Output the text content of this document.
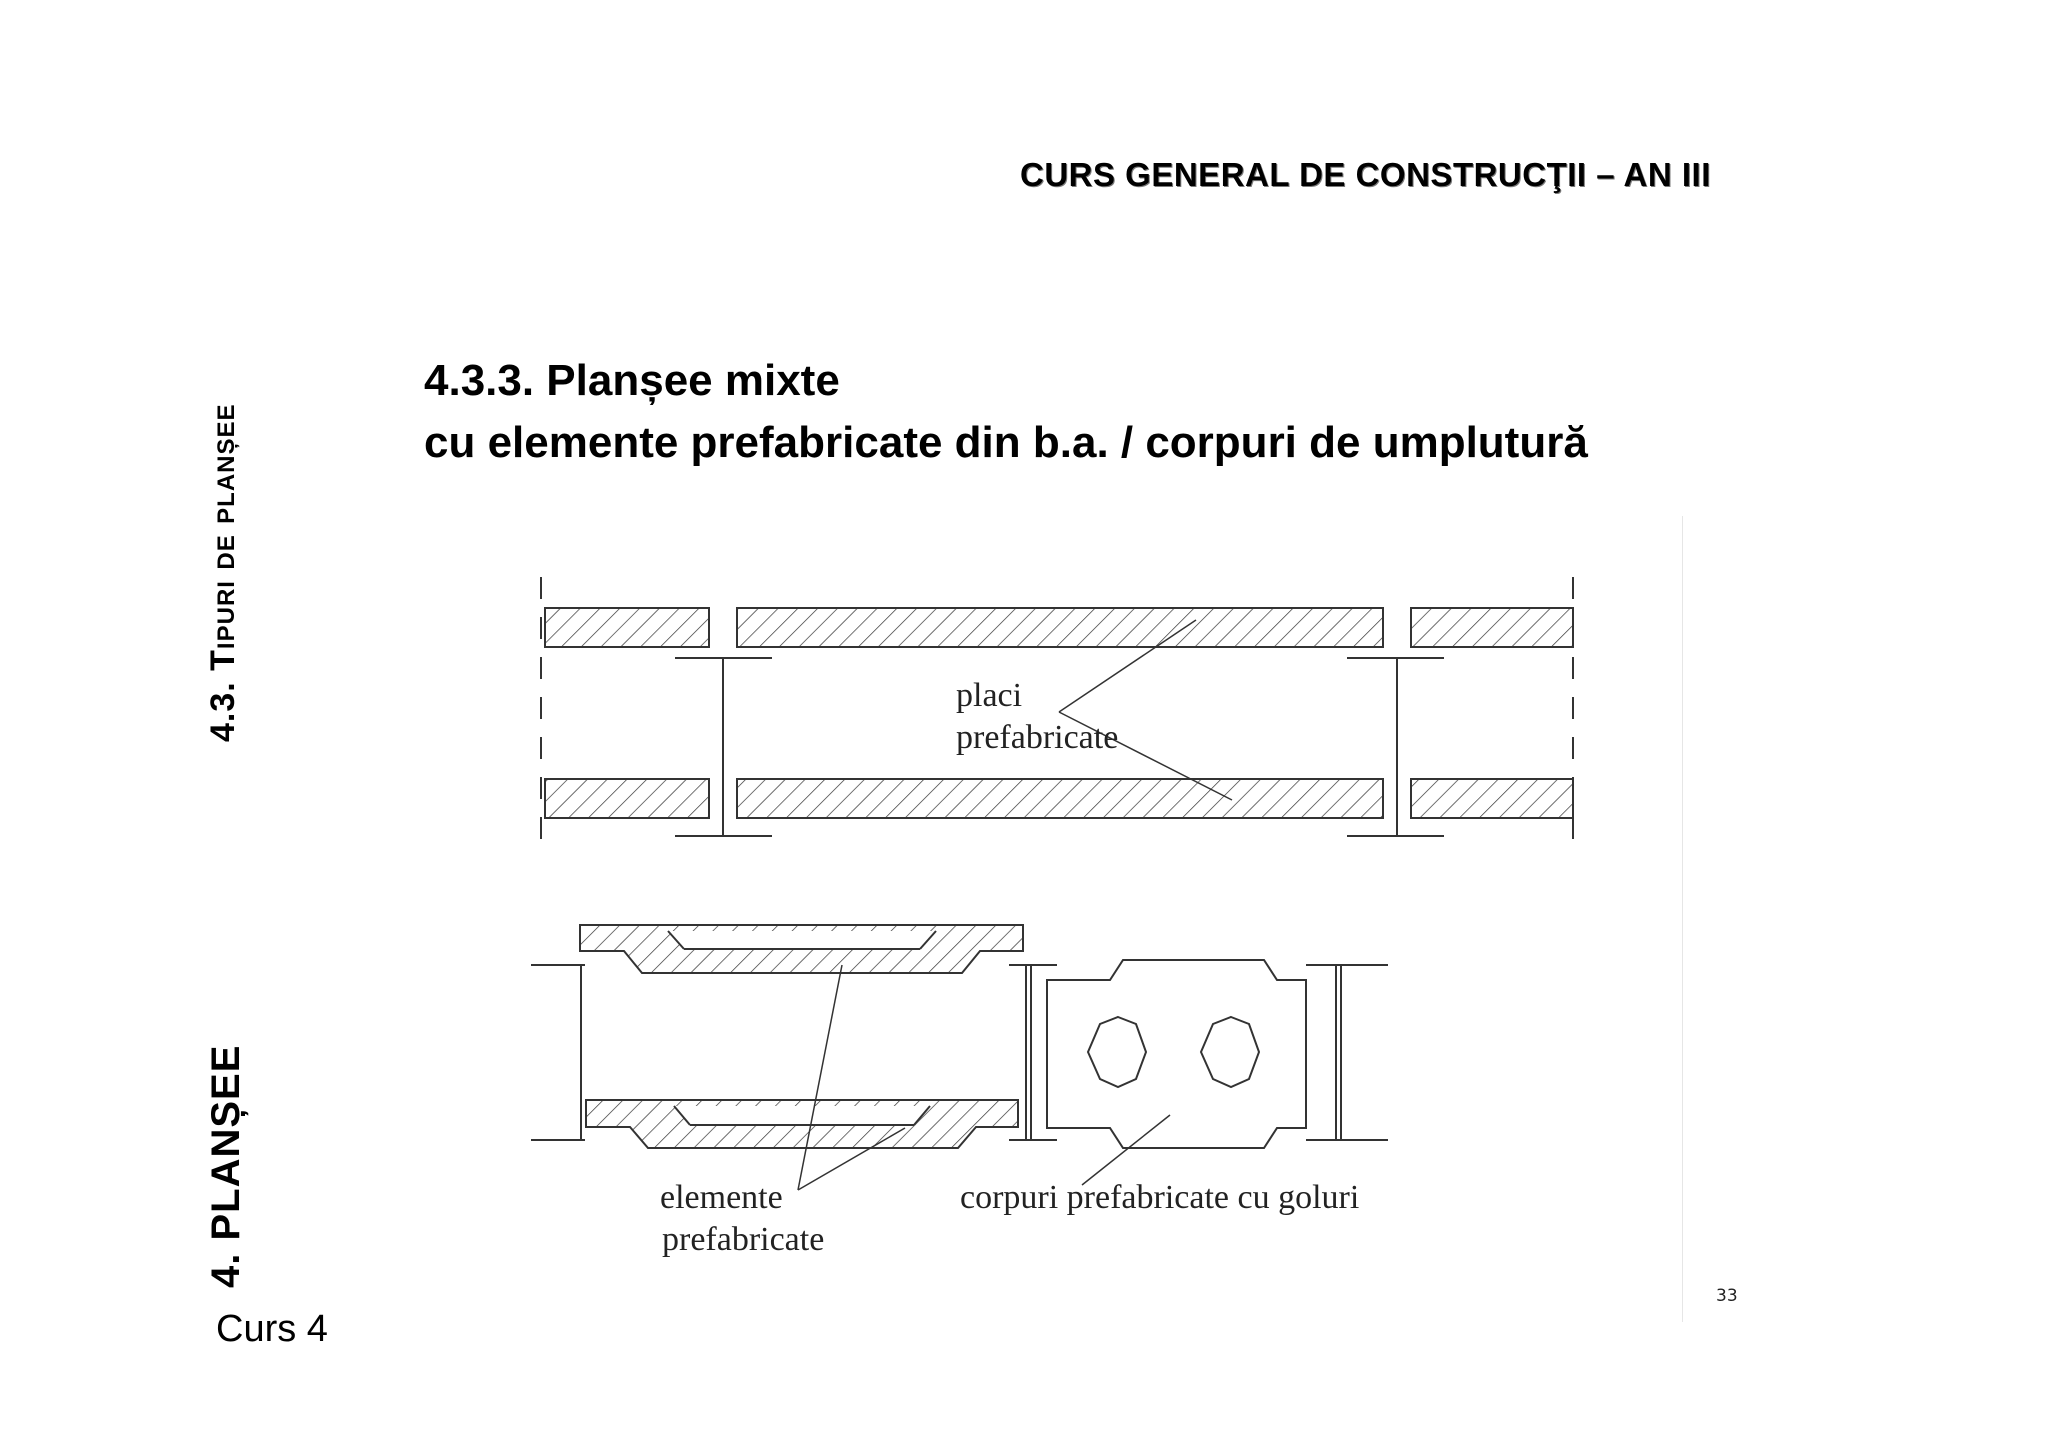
CURS GENERAL DE CONSTRUCŢII – AN III
4.3. Tipuri de planșee
4. PLANȘEE
4.3.3. Planșee mixte
cu elemente prefabricate din b.a. / corpuri de umplutură
placi
prefabricate
elemente
prefabricate
corpuri prefabricate cu goluri
33
Curs 4
